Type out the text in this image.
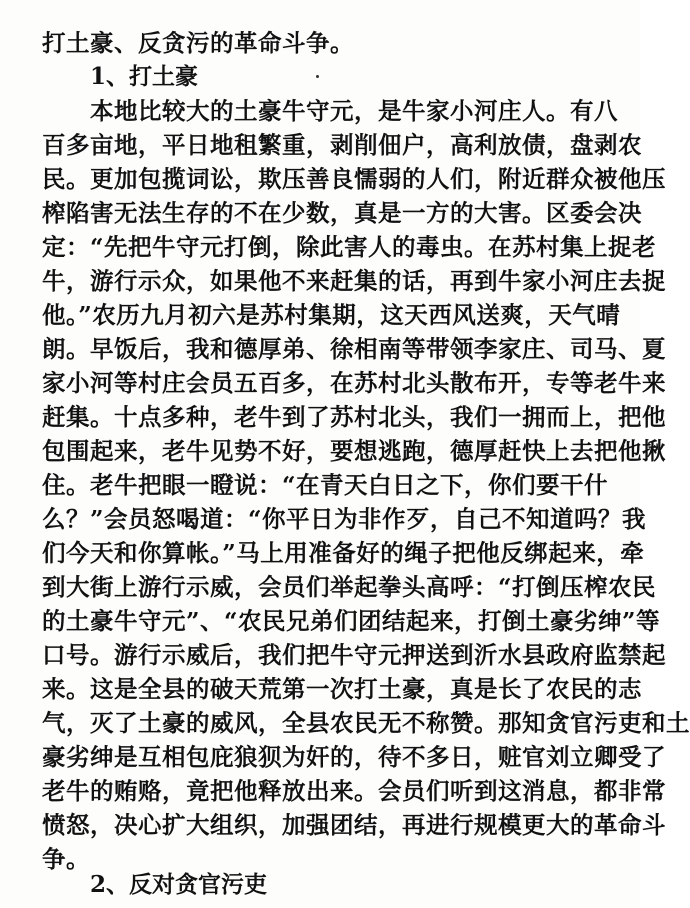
打土豪、反贪污的革命斗争。
1、打土豪
本地比较大的土豪牛守元，是牛家小河庄人。有八
百多亩地，平日地租繁重，剥削佃户，高利放债，盘剥农
民。更加包揽词讼，欺压善良懦弱的人们，附近群众被他压
榨陷害无法生存的不在少数，真是一方的大害。区委会决
定：“先把牛守元打倒，除此害人的毒虫。在苏村集上捉老
牛，游行示众，如果他不来赶集的话，再到牛家小河庄去捉
他。”农历九月初六是苏村集期，这天西风送爽，天气晴
朗。早饭后，我和德厚弟、徐相南等带领李家庄、司马、夏
家小河等村庄会员五百多，在苏村北头散布开，专等老牛来
赶集。十点多种，老牛到了苏村北头，我们一拥而上，把他
包围起来，老牛见势不好，要想逃跑，德厚赶快上去把他揪
住。老牛把眼一瞪说：“在青天白日之下，你们要干什
么？”会员怒喝道：“你平日为非作歹，自己不知道吗？我
们今天和你算帐。”马上用准备好的绳子把他反绑起来，牵
到大街上游行示威，会员们举起拳头高呼：“打倒压榨农民
的土豪牛守元”、“农民兄弟们团结起来，打倒土豪劣绅”等
口号。游行示威后，我们把牛守元押送到沂水县政府监禁起
来。这是全县的破天荒第一次打土豪，真是长了农民的志
气，灭了土豪的威风，全县农民无不称赞。那知贪官污吏和土
豪劣绅是互相包庇狼狈为奸的，待不多日，赃官刘立卿受了
老牛的贿赂，竟把他释放出来。会员们听到这消息，都非常
愤怒，决心扩大组织，加强团结，再进行规模更大的革命斗
争。
2、反对贪官污吏
